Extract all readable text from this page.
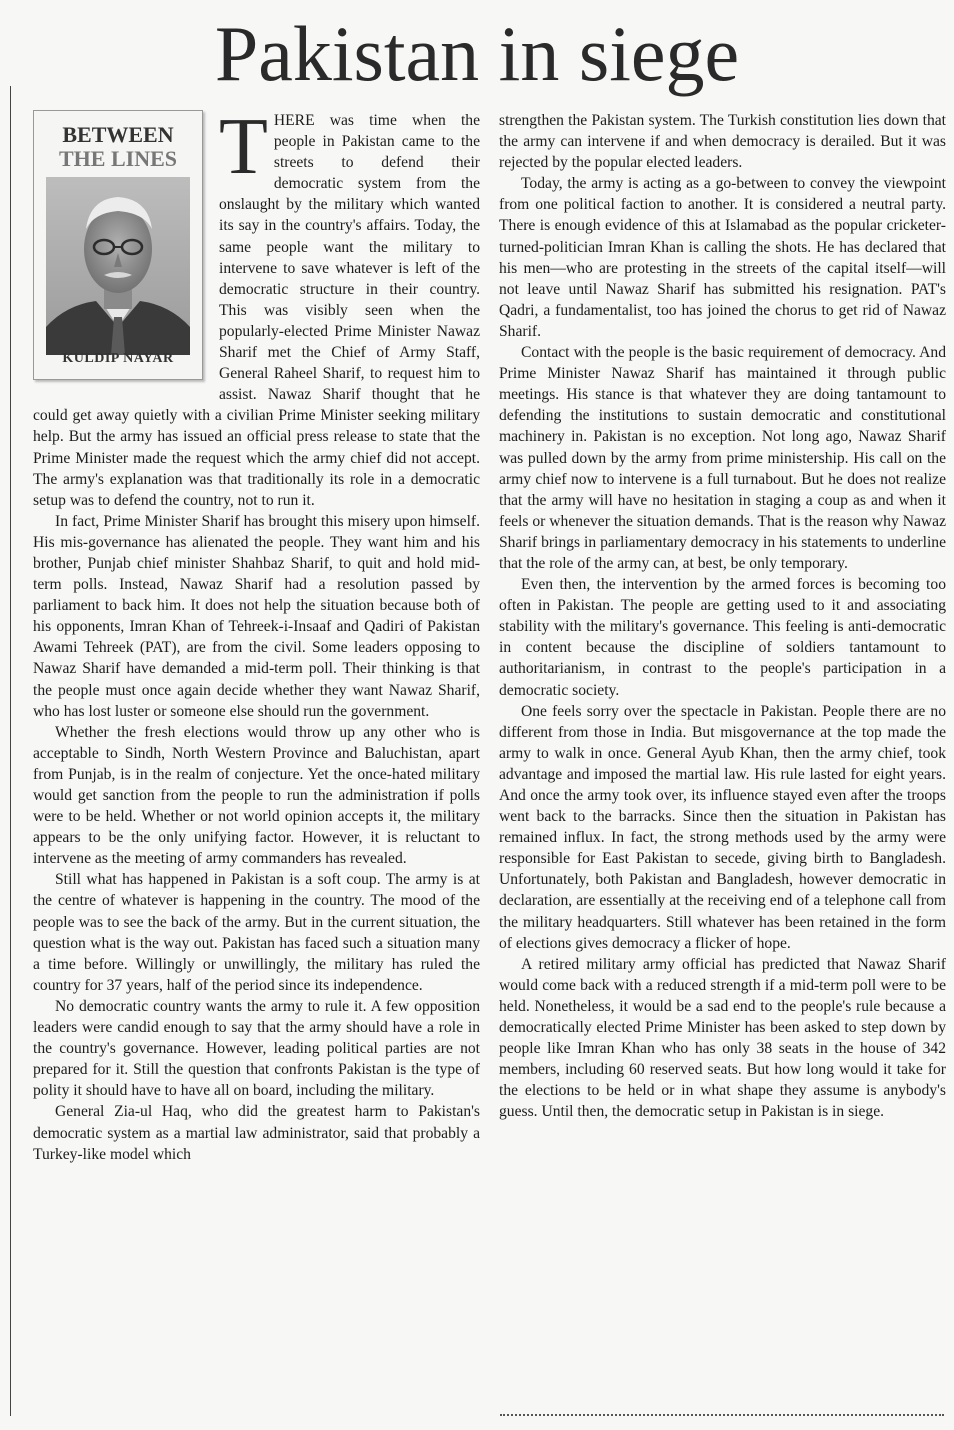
Pakistan in siege
BETWEEN
THE LINES
KULDIP NAYAR
T HERE was time when the people in Pakistan came to the streets to defend their democratic system from the onslaught by the military which wanted its say in the country's affairs. Today, the same people want the military to intervene to save whatever is left of the democratic structure in their country. This was visibly seen when the popularly-elected Prime Minister Nawaz Sharif met the Chief of Army Staff, General Raheel Sharif, to request him to assist. Nawaz Sharif thought that he could get away quietly with a civilian Prime Minister seeking military help. But the army has issued an official press release to state that the Prime Minister made the request which the army chief did not accept. The army's explanation was that traditionally its role in a democratic setup was to defend the country, not to run it.

In fact, Prime Minister Sharif has brought this misery upon himself. His mis-governance has alienated the people. They want him and his brother, Punjab chief minister Shahbaz Sharif, to quit and hold mid-term polls. Instead, Nawaz Sharif had a resolution passed by parliament to back him. It does not help the situation because both of his opponents, Imran Khan of Tehreek-i-Insaaf and Qadiri of Pakistan Awami Tehreek (PAT), are from the civil. Some leaders opposing to Nawaz Sharif have demanded a mid-term poll. Their thinking is that the people must once again decide whether they want Nawaz Sharif, who has lost luster or someone else should run the government.

Whether the fresh elections would throw up any other who is acceptable to Sindh, North Western Province and Baluchistan, apart from Punjab, is in the realm of conjecture. Yet the once-hated military would get sanction from the people to run the administration if polls were to be held. Whether or not world opinion accepts it, the military appears to be the only unifying factor. However, it is reluctant to intervene as the meeting of army commanders has revealed.

Still what has happened in Pakistan is a soft coup. The army is at the centre of whatever is happening in the country. The mood of the people was to see the back of the army. But in the current situation, the question what is the way out. Pakistan has faced such a situation many a time before. Willingly or unwillingly, the military has ruled the country for 37 years, half of the period since its independence.

No democratic country wants the army to rule it. A few opposition leaders were candid enough to say that the army should have a role in the country's governance. However, leading political parties are not prepared for it. Still the question that confronts Pakistan is the type of polity it should have to have all on board, including the military.

General Zia-ul Haq, who did the greatest harm to Pakistan's democratic system as a martial law administrator, said that probably a Turkey-like model which

strengthen the Pakistan system. The Turkish constitution lies down that the army can intervene if and when democracy is derailed. But it was rejected by the popular elected leaders.

Today, the army is acting as a go-between to convey the viewpoint from one political faction to another. It is considered a neutral party. There is enough evidence of this at Islamabad as the popular cricketer-turned-politician Imran Khan is calling the shots. He has declared that his men—who are protesting in the streets of the capital itself—will not leave until Nawaz Sharif has submitted his resignation. PAT's Qadri, a fundamentalist, too has joined the chorus to get rid of Nawaz Sharif.

Contact with the people is the basic requirement of democracy. And Prime Minister Nawaz Sharif has maintained it through public meetings. His stance is that whatever they are doing tantamount to defending the institutions to sustain democratic and constitutional machinery in. Pakistan is no exception. Not long ago, Nawaz Sharif was pulled down by the army from prime ministership. His call on the army chief now to intervene is a full turnabout. But he does not realize that the army will have no hesitation in staging a coup as and when it feels or whenever the situation demands. That is the reason why Nawaz Sharif brings in parliamentary democracy in his statements to underline that the role of the army can, at best, be only temporary.

Even then, the intervention by the armed forces is becoming too often in Pakistan. The people are getting used to it and associating stability with the military's governance. This feeling is anti-democratic in content because the discipline of soldiers tantamount to authoritarianism, in contrast to the people's participation in a democratic society.

One feels sorry over the spectacle in Pakistan. People there are no different from those in India. But misgovernance at the top made the army to walk in once. General Ayub Khan, then the army chief, took advantage and imposed the martial law. His rule lasted for eight years. And once the army took over, its influence stayed even after the troops went back to the barracks. Since then the situation in Pakistan has remained influx. In fact, the strong methods used by the army were responsible for East Pakistan to secede, giving birth to Bangladesh. Unfortunately, both Pakistan and Bangladesh, however democratic in declaration, are essentially at the receiving end of a telephone call from the military headquarters. Still whatever has been retained in the form of elections gives democracy a flicker of hope.

A retired military army official has predicted that Nawaz Sharif would come back with a reduced strength if a mid-term poll were to be held. Nonetheless, it would be a sad end to the people's rule because a democratically elected Prime Minister has been asked to step down by people like Imran Khan who has only 38 seats in the house of 342 members, including 60 reserved seats. But how long would it take for the elections to be held or in what shape they assume is anybody's guess. Until then, the democratic setup in Pakistan is in siege.
